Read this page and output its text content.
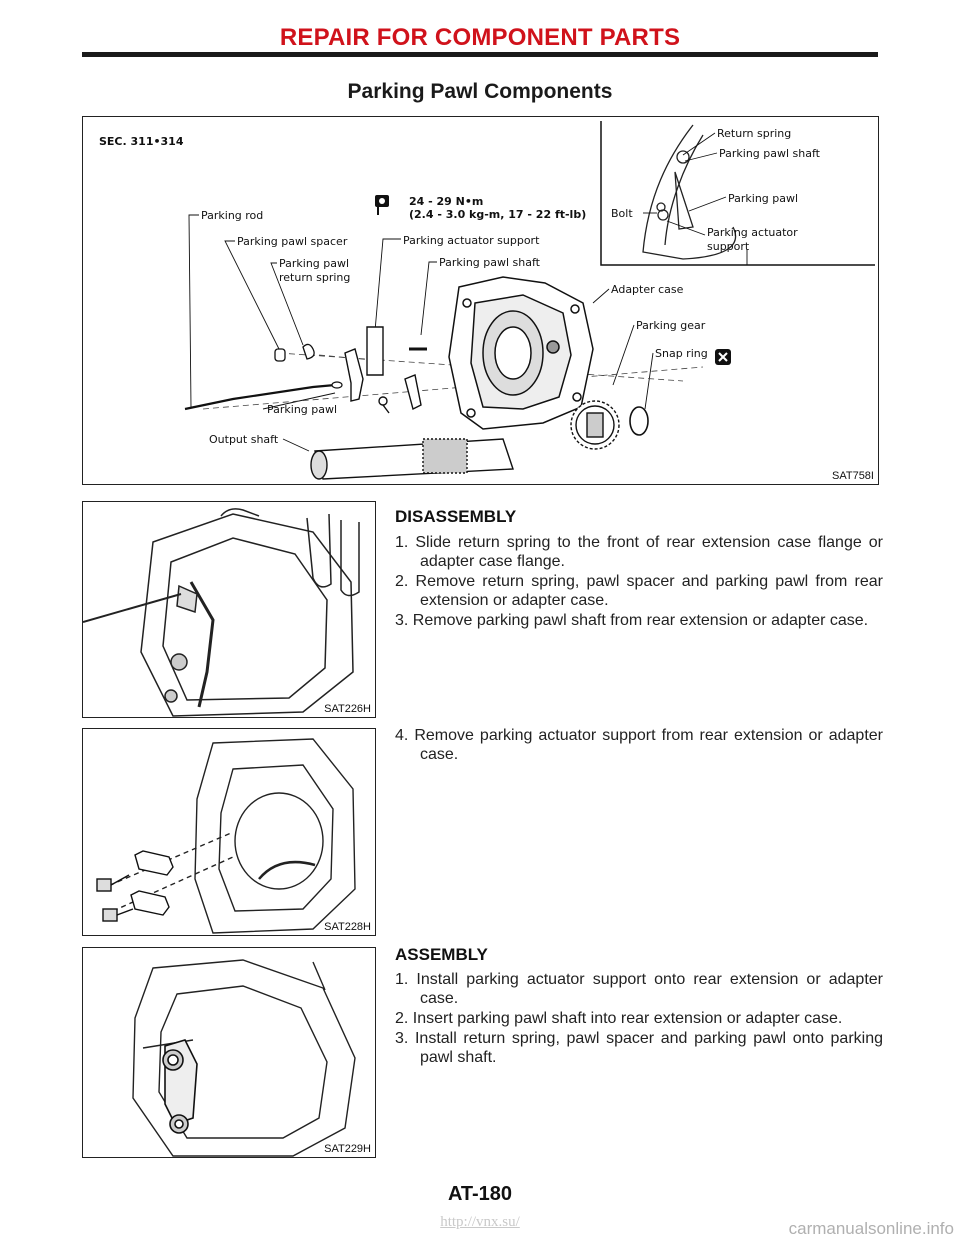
REPAIR FOR COMPONENT PARTS
Parking Pawl Components
Return spring
Parking pawl shaft
Parking pawl
Bolt
Parking actuator
support
SEC. 311•314
24 - 29 N•m
(2.4 - 3.0 kg-m, 17 - 22 ft-lb)
Parking rod
Parking pawl spacer
Parking pawl
return spring
Parking actuator support
Parking pawl shaft
Adapter case
Parking gear
Snap ring
Parking pawl
Output shaft
SAT758I
SAT226H
DISASSEMBLY
1. Slide return spring to the front of rear extension case flange or adapter case flange.
2. Remove return spring, pawl spacer and parking pawl from rear extension or adapter case.
3. Remove parking pawl shaft from rear extension or adapter case.
SAT228H
4. Remove parking actuator support from rear extension or adapter case.
SAT229H
ASSEMBLY
1. Install parking actuator support onto rear extension or adapter case.
2. Insert parking pawl shaft into rear extension or adapter case.
3. Install return spring, pawl spacer and parking pawl onto parking pawl shaft.
AT-180
http://vnx.su/	carmanualsonline.info
